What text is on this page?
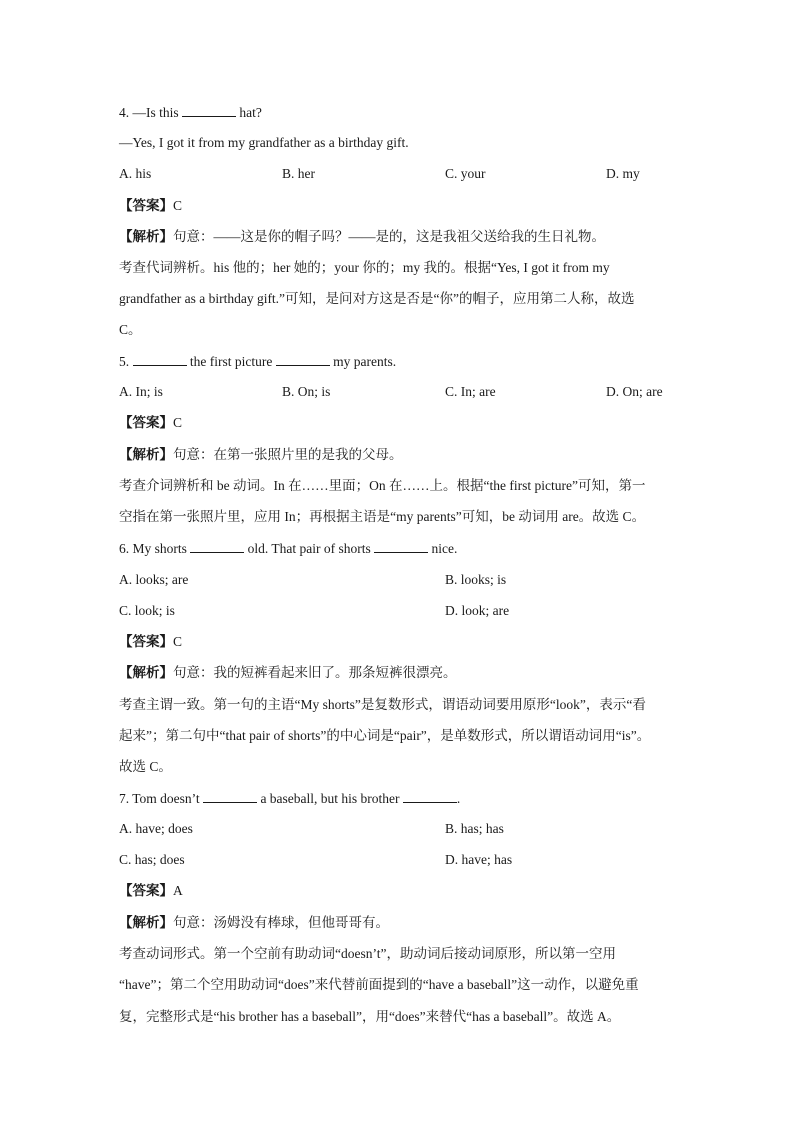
4. —Is this	hat?
—Yes, I got it from my grandfather as a birthday gift.
A. his	B. her	C. your	D. my
【答案】C
【解析】句意：——这是你的帽子吗？——是的，这是我祖父送给我的生日礼物。
考查代词辨析。his 他的；her 她的；your 你的；my 我的。根据“Yes, I got it from my
grandfather as a birthday gift.”可知，是问对方这是否是“你”的帽子，应用第二人称，故选
C。
5.	the first picture	my parents.
A. In; is	B. On; is	C. In; are	D. On; are
【答案】C
【解析】句意：在第一张照片里的是我的父母。
考查介词辨析和 be 动词。In 在……里面；On 在……上。根据“the first picture”可知，第一
空指在第一张照片里，应用 In；再根据主语是“my parents”可知，be 动词用 are。故选 C。
6. My shorts	old. That pair of shorts	nice.
A. looks; are	B. looks; is
C. look; is	D. look; are
【答案】C
【解析】句意：我的短裤看起来旧了。那条短裤很漂亮。
考查主谓一致。第一句的主语“My shorts”是复数形式，谓语动词要用原形“look”，表示“看
起来”；第二句中“that pair of shorts”的中心词是“pair”，是单数形式，所以谓语动词用“is”。
故选 C。
7. Tom doesn’t	a baseball, but his brother	.
A. have; does	B. has; has
C. has; does	D. have; has
【答案】A
【解析】句意：汤姆没有棒球，但他哥哥有。
考查动词形式。第一个空前有助动词“doesn’t”，助动词后接动词原形，所以第一空用
“have”；第二个空用助动词“does”来代替前面提到的“have a baseball”这一动作，以避免重
复，完整形式是“his brother has a baseball”，用“does”来替代“has a baseball”。故选 A。
